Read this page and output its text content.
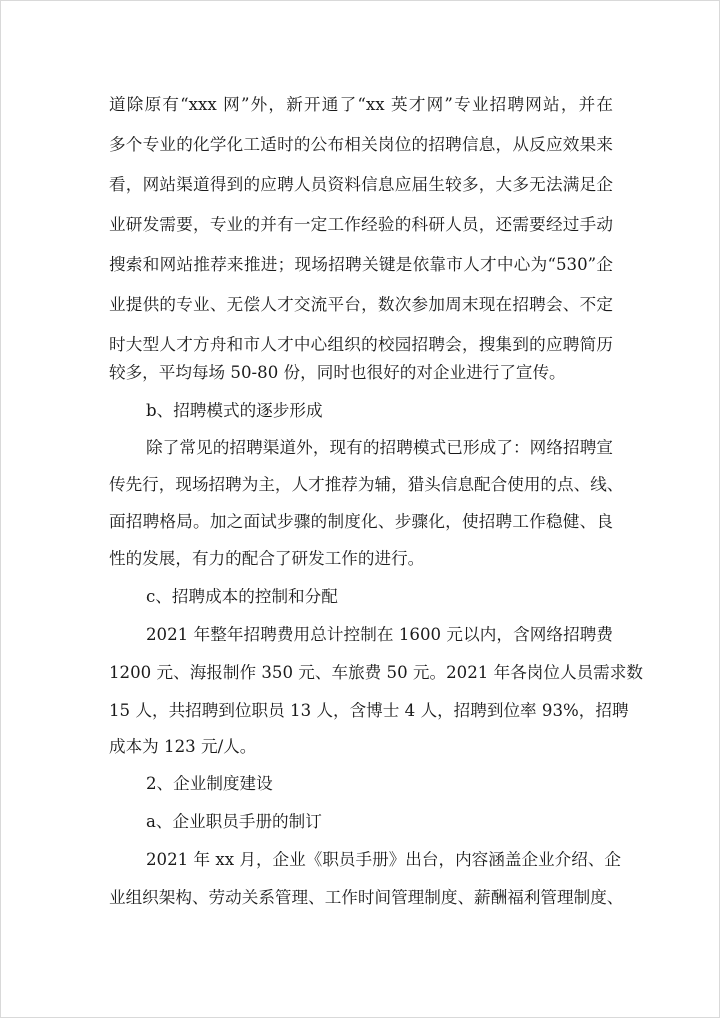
道除原有“xxx 网”外，新开通了“xx 英才网”专业招聘网站，并在
多个专业的化学化工适时的公布相关岗位的招聘信息，从反应效果来
看，网站渠道得到的应聘人员资料信息应届生较多，大多无法满足企
业研发需要，专业的并有一定工作经验的科研人员，还需要经过手动
搜索和网站推荐来推进；现场招聘关键是依靠市人才中心为“530”企
业提供的专业、无偿人才交流平台，数次参加周末现在招聘会、不定
时大型人才方舟和市人才中心组织的校园招聘会，搜集到的应聘简历
较多，平均每场 50-80 份，同时也很好的对企业进行了宣传。
b、招聘模式的逐步形成
除了常见的招聘渠道外，现有的招聘模式已形成了：网络招聘宣
传先行，现场招聘为主，人才推荐为辅，猎头信息配合使用的点、线、
面招聘格局。加之面试步骤的制度化、步骤化，使招聘工作稳健、良
性的发展，有力的配合了研发工作的进行。
c、招聘成本的控制和分配
2021 年整年招聘费用总计控制在 1600 元以内，含网络招聘费
1200 元、海报制作 350 元、车旅费 50 元。2021 年各岗位人员需求数
15 人，共招聘到位职员 13 人，含博士 4 人，招聘到位率 93%，招聘
成本为 123 元/人。
2、企业制度建设
a、企业职员手册的制订
2021 年 xx 月，企业《职员手册》出台，内容涵盖企业介绍、企
业组织架构、劳动关系管理、工作时间管理制度、薪酬福利管理制度、
